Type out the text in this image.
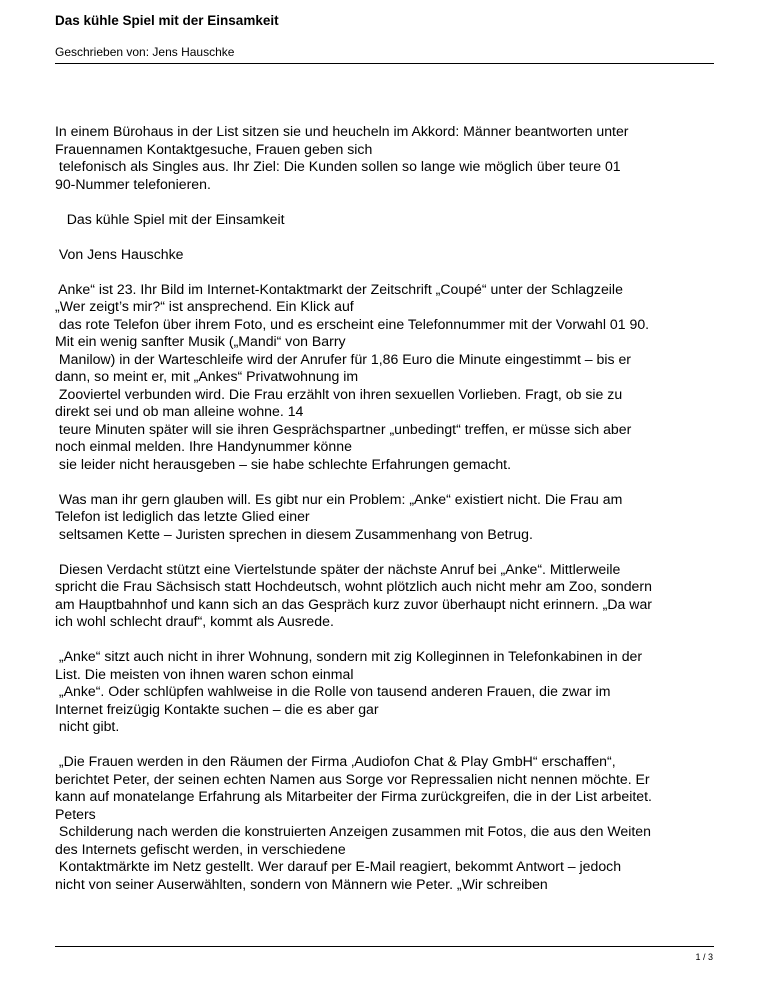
Das kühle Spiel mit der Einsamkeit
Geschrieben von: Jens Hauschke
In einem Bürohaus in der List sitzen sie und heucheln im Akkord: Männer beantworten unter
Frauennamen Kontaktgesuche, Frauen geben sich
telefonisch als Singles aus. Ihr Ziel: Die Kunden sollen so lange wie möglich über teure 01
90-Nummer telefonieren.
Das kühle Spiel mit der Einsamkeit
Von Jens Hauschke
Anke“ ist 23. Ihr Bild im Internet-Kontaktmarkt der Zeitschrift „Coupé“ unter der Schlagzeile
„Wer zeigt’s mir?“ ist ansprechend. Ein Klick auf
das rote Telefon über ihrem Foto, und es erscheint eine Telefonnummer mit der Vorwahl 01 90.
Mit ein wenig sanfter Musik („Mandi“ von Barry
Manilow) in der Warteschleife wird der Anrufer für 1,86 Euro die Minute eingestimmt – bis er
dann, so meint er, mit „Ankes“ Privatwohnung im
Zooviertel verbunden wird. Die Frau erzählt von ihren sexuellen Vorlieben. Fragt, ob sie zu
direkt sei und ob man alleine wohne. 14
teure Minuten später will sie ihren Gesprächspartner „unbedingt“ treffen, er müsse sich aber
noch einmal melden. Ihre Handynummer könne
sie leider nicht herausgeben – sie habe schlechte Erfahrungen gemacht.
Was man ihr gern glauben will. Es gibt nur ein Problem: „Anke“ existiert nicht. Die Frau am
Telefon ist lediglich das letzte Glied einer
seltsamen Kette – Juristen sprechen in diesem Zusammenhang von Betrug.
Diesen Verdacht stützt eine Viertelstunde später der nächste Anruf bei „Anke“. Mittlerweile
spricht die Frau Sächsisch statt Hochdeutsch, wohnt plötzlich auch nicht mehr am Zoo, sondern
am Hauptbahnhof und kann sich an das Gespräch kurz zuvor überhaupt nicht erinnern. „Da war
ich wohl schlecht drauf“, kommt als Ausrede.
„Anke“ sitzt auch nicht in ihrer Wohnung, sondern mit zig Kolleginnen in Telefonkabinen in der
List. Die meisten von ihnen waren schon einmal
„Anke“. Oder schlüpfen wahlweise in die Rolle von tausend anderen Frauen, die zwar im
Internet freizügig Kontakte suchen – die es aber gar
nicht gibt.
„Die Frauen werden in den Räumen der Firma ‚Audiofon Chat & Play GmbH“ erschaffen“,
berichtet Peter, der seinen echten Namen aus Sorge vor Repressalien nicht nennen möchte. Er
kann auf monatelange Erfahrung als Mitarbeiter der Firma zurückgreifen, die in der List arbeitet.
Peters
Schilderung nach werden die konstruierten Anzeigen zusammen mit Fotos, die aus den Weiten
des Internets gefischt werden, in verschiedene
Kontaktmärkte im Netz gestellt. Wer darauf per E-Mail reagiert, bekommt Antwort – jedoch
nicht von seiner Auserwählten, sondern von Männern wie Peter. „Wir schreiben
1 / 3
